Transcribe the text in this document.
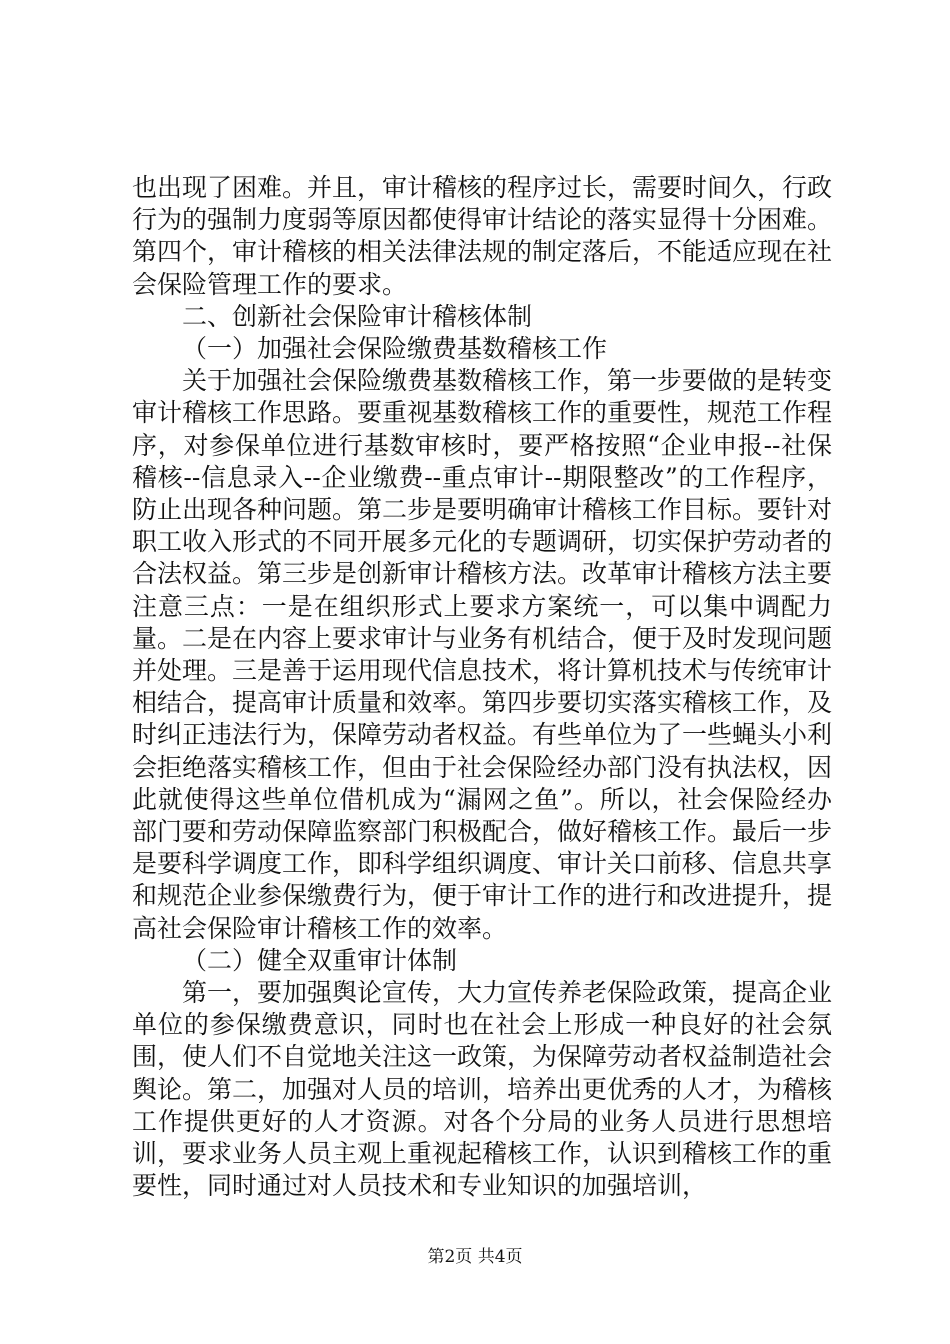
也出现了困难。并且，审计稽核的程序过长，需要时间久，行政行为的强制力度弱等原因都使得审计结论的落实显得十分困难。第四个，审计稽核的相关法律法规的制定落后，不能适应现在社会保险管理工作的要求。

二、创新社会保险审计稽核体制

（一）加强社会保险缴费基数稽核工作

关于加强社会保险缴费基数稽核工作，第一步要做的是转变审计稽核工作思路。要重视基数稽核工作的重要性，规范工作程序，对参保单位进行基数审核时，要严格按照“企业申报--社保稽核--信息录入--企业缴费--重点审计--期限整改”的工作程序，防止出现各种问题。第二步是要明确审计稽核工作目标。要针对职工收入形式的不同开展多元化的专题调研，切实保护劳动者的合法权益。第三步是创新审计稽核方法。改革审计稽核方法主要注意三点：一是在组织形式上要求方案统一，可以集中调配力量。二是在内容上要求审计与业务有机结合，便于及时发现问题并处理。三是善于运用现代信息技术，将计算机技术与传统审计相结合，提高审计质量和效率。第四步要切实落实稽核工作，及时纠正违法行为，保障劳动者权益。有些单位为了一些蝇头小利会拒绝落实稽核工作，但由于社会保险经办部门没有执法权，因此就使得这些单位借机成为“漏网之鱼”。所以，社会保险经办部门要和劳动保障监察部门积极配合，做好稽核工作。最后一步是要科学调度工作，即科学组织调度、审计关口前移、信息共享和规范企业参保缴费行为，便于审计工作的进行和改进提升，提高社会保险审计稽核工作的效率。

（二）健全双重审计体制

第一，要加强舆论宣传，大力宣传养老保险政策，提高企业单位的参保缴费意识，同时也在社会上形成一种良好的社会氛围，使人们不自觉地关注这一政策，为保障劳动者权益制造社会舆论。第二，加强对人员的培训，培养出更优秀的人才，为稽核工作提供更好的人才资源。对各个分局的业务人员进行思想培训，要求业务人员主观上重视起稽核工作，认识到稽核工作的重要性，同时通过对人员技术和专业知识的加强培训，

第2页 共4页
